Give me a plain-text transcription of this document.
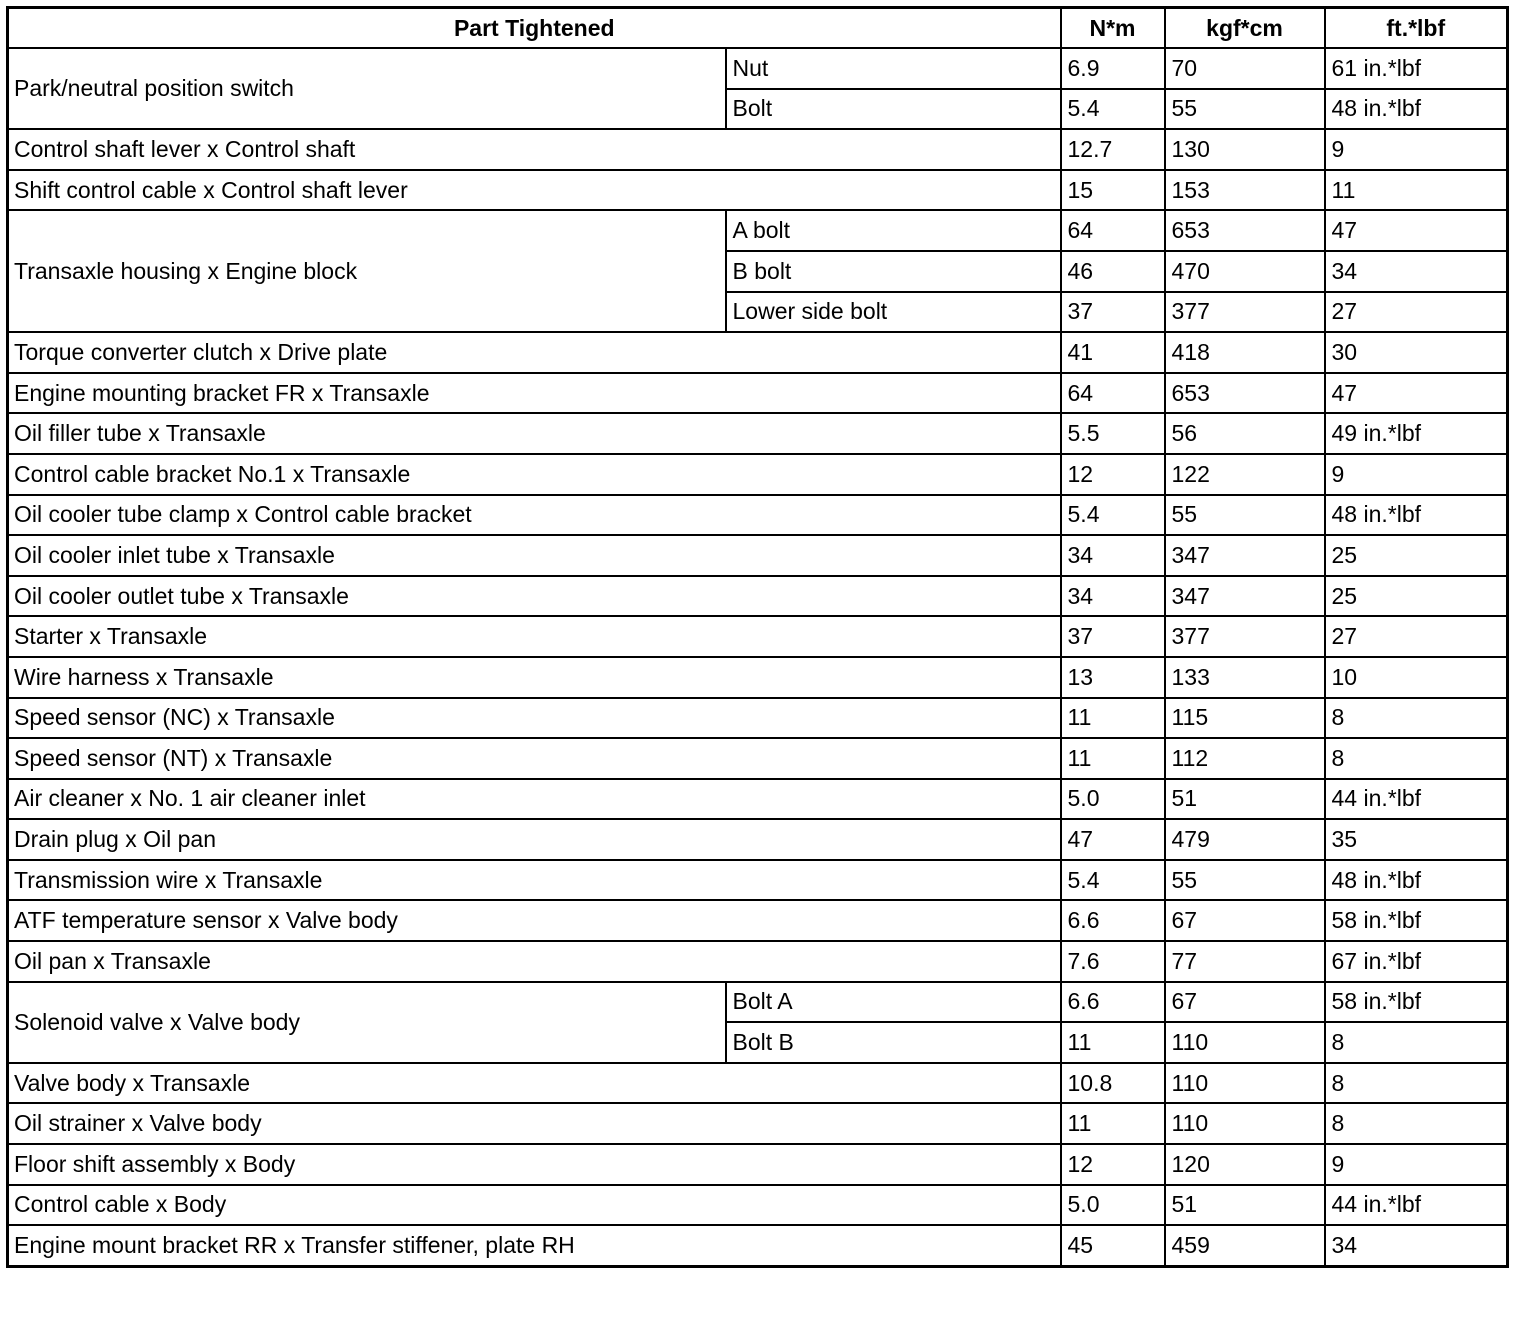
Part Tightened		N*m	kgf*cm	ft.*lbf
Park/neutral position switch	Nut	6.9	70	61 in.*lbf
	Bolt	5.4	55	48 in.*lbf
Control shaft lever x Control shaft		12.7	130	9
Shift control cable x Control shaft lever		15	153	11
Transaxle housing x Engine block	A bolt	64	653	47
	B bolt	46	470	34
	Lower side bolt	37	377	27
Torque converter clutch x Drive plate		41	418	30
Engine mounting bracket FR x Transaxle		64	653	47
Oil filler tube x Transaxle		5.5	56	49 in.*lbf
Control cable bracket No.1 x Transaxle		12	122	9
Oil cooler tube clamp x Control cable bracket		5.4	55	48 in.*lbf
Oil cooler inlet tube x Transaxle		34	347	25
Oil cooler outlet tube x Transaxle		34	347	25
Starter x Transaxle		37	377	27
Wire harness x Transaxle		13	133	10
Speed sensor (NC) x Transaxle		11	115	8
Speed sensor (NT) x Transaxle		11	112	8
Air cleaner x No. 1 air cleaner inlet		5.0	51	44 in.*lbf
Drain plug x Oil pan		47	479	35
Transmission wire x Transaxle		5.4	55	48 in.*lbf
ATF temperature sensor x Valve body		6.6	67	58 in.*lbf
Oil pan x Transaxle		7.6	77	67 in.*lbf
Solenoid valve x Valve body	Bolt A	6.6	67	58 in.*lbf
	Bolt B	11	110	8
Valve body x Transaxle		10.8	110	8
Oil strainer x Valve body		11	110	8
Floor shift assembly x Body		12	120	9
Control cable x Body		5.0	51	44 in.*lbf
Engine mount bracket RR x Transfer stiffener, plate RH		45	459	34
